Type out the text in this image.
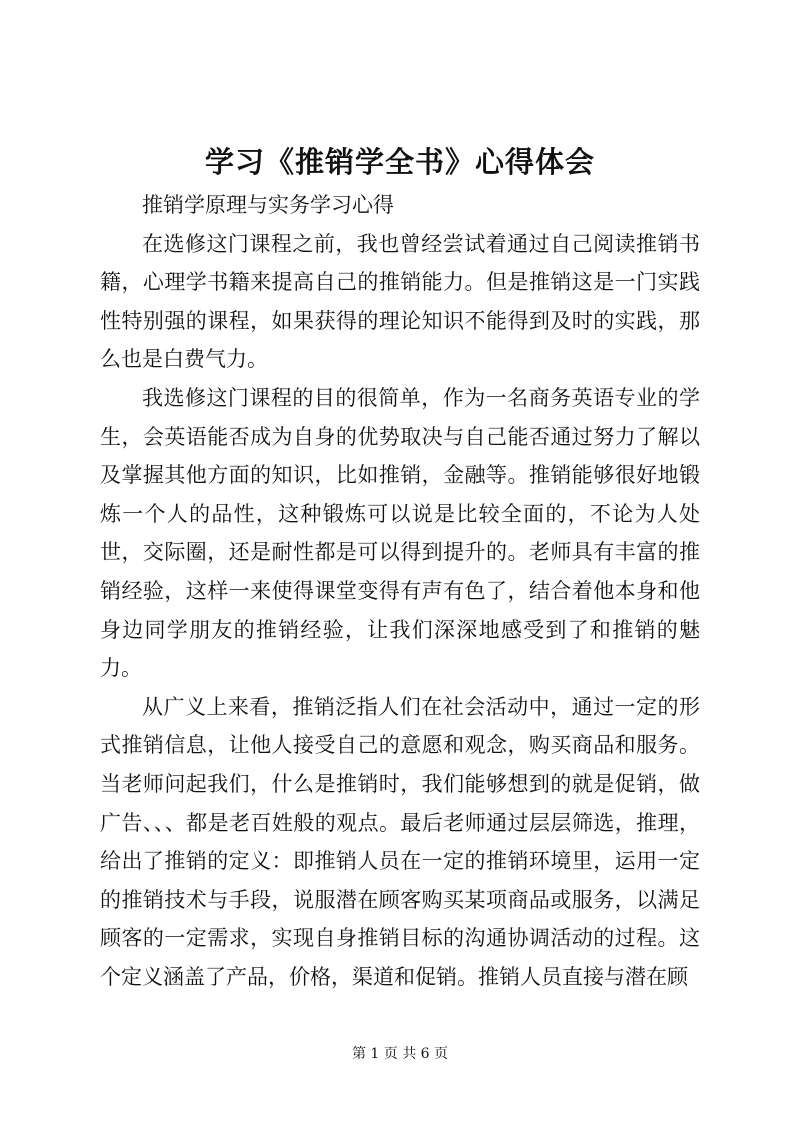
学习《推销学全书》心得体会

推销学原理与实务学习心得

在选修这门课程之前，我也曾经尝试着通过自己阅读推销书籍，心理学书籍来提高自己的推销能力。但是推销这是一门实践性特别强的课程，如果获得的理论知识不能得到及时的实践，那么也是白费气力。

我选修这门课程的目的很简单，作为一名商务英语专业的学生，会英语能否成为自身的优势取决与自己能否通过努力了解以及掌握其他方面的知识，比如推销，金融等。推销能够很好地锻炼一个人的品性，这种锻炼可以说是比较全面的，不论为人处世，交际圈，还是耐性都是可以得到提升的。老师具有丰富的推销经验，这样一来使得课堂变得有声有色了，结合着他本身和他身边同学朋友的推销经验，让我们深深地感受到了和推销的魅力。

从广义上来看，推销泛指人们在社会活动中，通过一定的形式推销信息，让他人接受自己的意愿和观念，购买商品和服务。当老师问起我们，什么是推销时，我们能够想到的就是促销，做广告、、、都是老百姓般的观点。最后老师通过层层筛选，推理，给出了推销的定义：即推销人员在一定的推销环境里，运用一定的推销技术与手段，说服潜在顾客购买某项商品或服务，以满足顾客的一定需求，实现自身推销目标的沟通协调活动的过程。这个定义涵盖了产品，价格，渠道和促销。推销人员直接与潜在顾

第 1 页 共 6 页
